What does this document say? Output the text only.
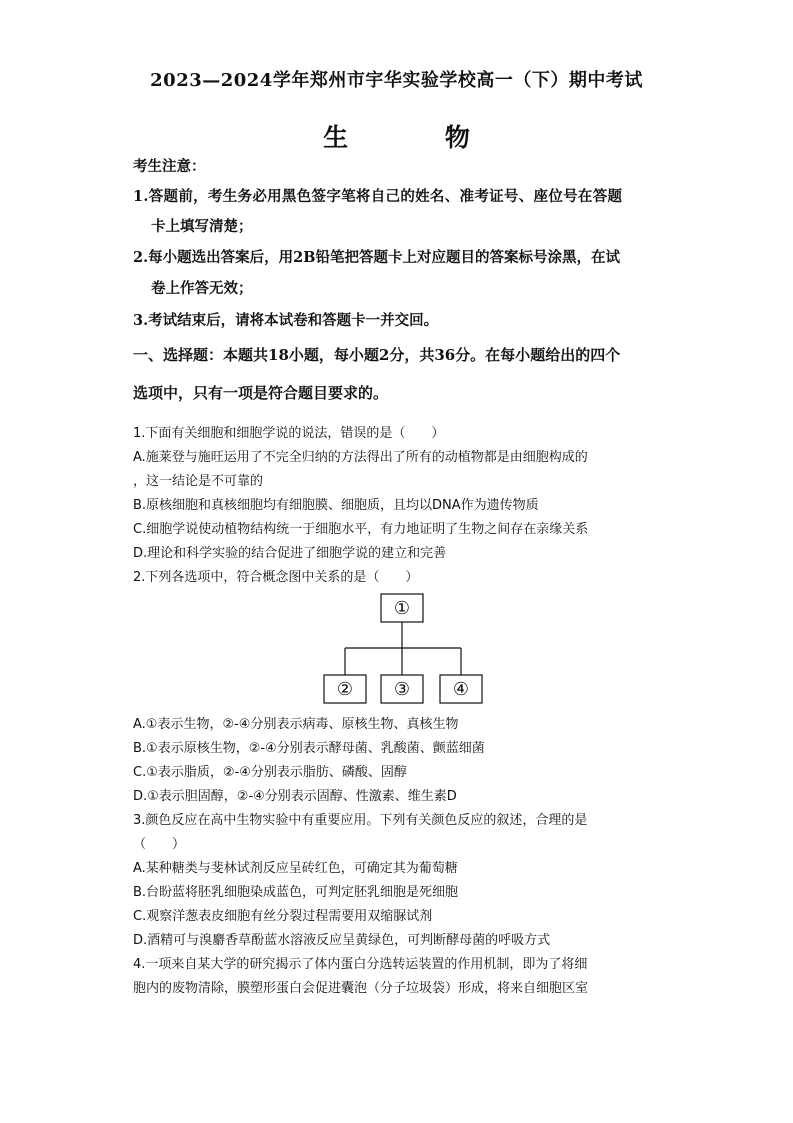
2023—2024学年郑州市宇华实验学校高一（下）期中考试
生 物
考生注意：
1.答题前，考生务必用黑色签字笔将自己的姓名、准考证号、座位号在答题
卡上填写清楚；
2.每小题选出答案后，用2B铅笔把答题卡上对应题目的答案标号涂黑，在试
卷上作答无效；
3.考试结束后，请将本试卷和答题卡一并交回。
一、选择题：本题共18小题，每小题2分，共36分。在每小题给出的四个
选项中，只有一项是符合题目要求的。
1.下面有关细胞和细胞学说的说法，错误的是（　　）
A.施莱登与施旺运用了不完全归纳的方法得出了所有的动植物都是由细胞构成的
，这一结论是不可靠的
B.原核细胞和真核细胞均有细胞膜、细胞质，且均以DNA作为遗传物质
C.细胞学说使动植物结构统一于细胞水平，有力地证明了生物之间存在亲缘关系
D.理论和科学实验的结合促进了细胞学说的建立和完善
2.下列各选项中，符合概念图中关系的是（　　）
①
② ③ ④
A.①表示生物，②-④分别表示病毒、原核生物、真核生物
B.①表示原核生物，②-④分别表示酵母菌、乳酸菌、颤蓝细菌
C.①表示脂质，②-④分别表示脂肪、磷酸、固醇
D.①表示胆固醇，②-④分别表示固醇、性激素、维生素D
3.颜色反应在高中生物实验中有重要应用。下列有关颜色反应的叙述，合理的是
（　　）
A.某种糖类与斐林试剂反应呈砖红色，可确定其为葡萄糖
B.台盼蓝将胚乳细胞染成蓝色，可判定胚乳细胞是死细胞
C.观察洋葱表皮细胞有丝分裂过程需要用双缩脲试剂
D.酒精可与溴麝香草酚蓝水溶液反应呈黄绿色，可判断酵母菌的呼吸方式
4.一项来自某大学的研究揭示了体内蛋白分选转运装置的作用机制，即为了将细
胞内的废物清除，膜塑形蛋白会促进囊泡（分子垃圾袋）形成，将来自细胞区室
